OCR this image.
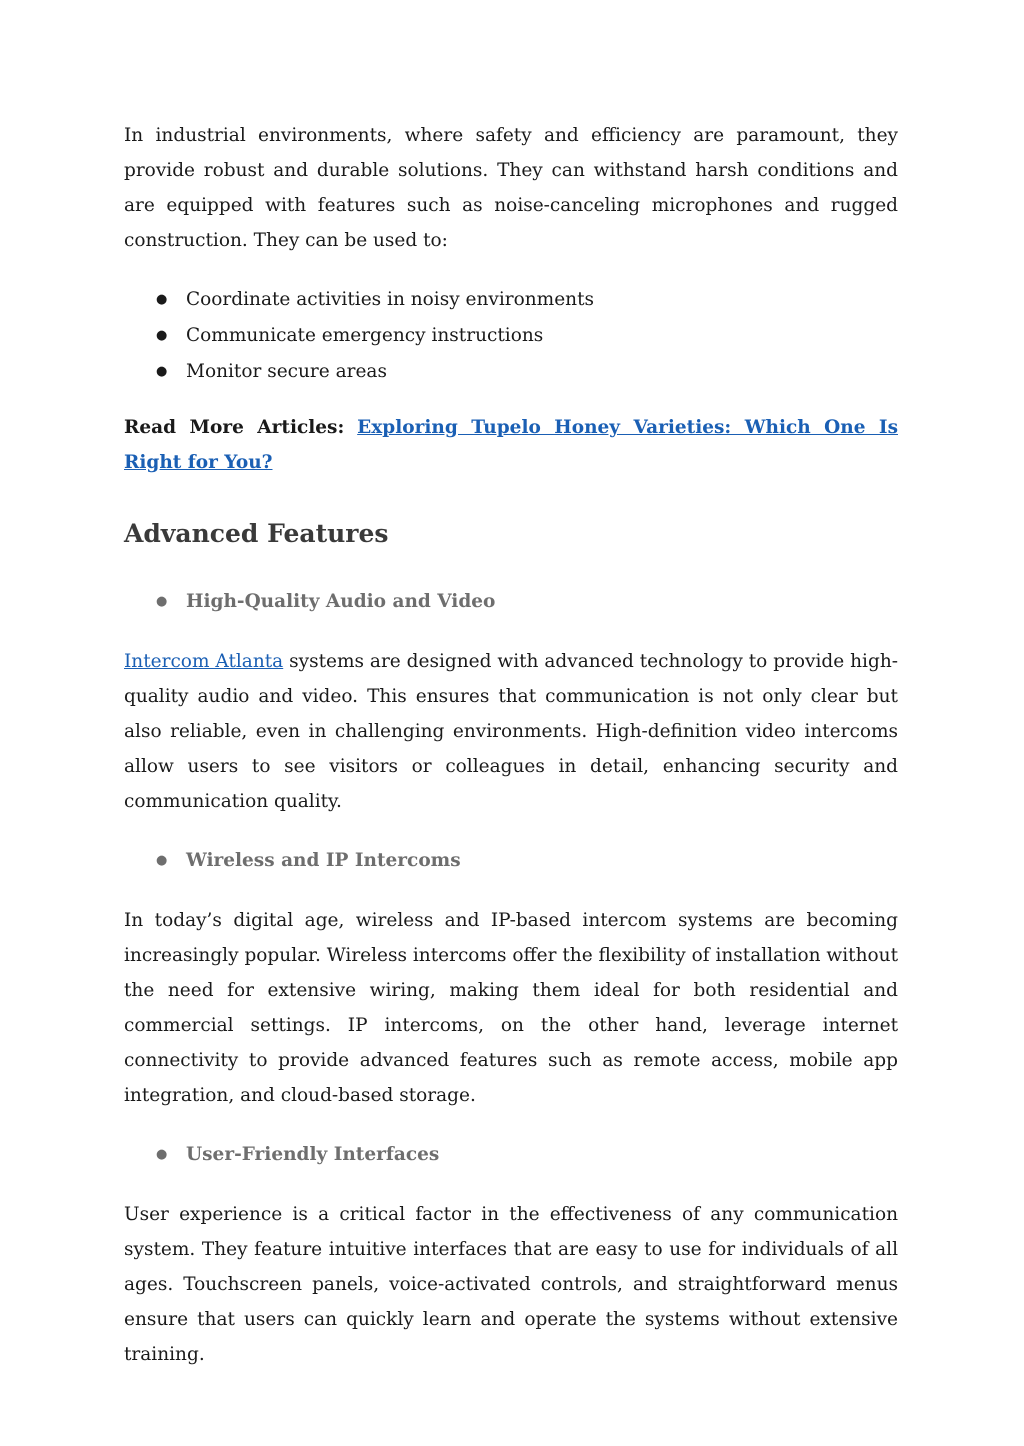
In industrial environments, where safety and efficiency are paramount, they provide robust and durable solutions. They can withstand harsh conditions and are equipped with features such as noise-canceling microphones and rugged construction. They can be used to:

● Coordinate activities in noisy environments
● Communicate emergency instructions
● Monitor secure areas

Read More Articles: Exploring Tupelo Honey Varieties: Which One Is Right for You?

Advanced Features
● High-Quality Audio and Video

Intercom Atlanta systems are designed with advanced technology to provide high-quality audio and video. This ensures that communication is not only clear but also reliable, even in challenging environments. High-definition video intercoms allow users to see visitors or colleagues in detail, enhancing security and communication quality.

● Wireless and IP Intercoms

In today’s digital age, wireless and IP-based intercom systems are becoming increasingly popular. Wireless intercoms offer the flexibility of installation without the need for extensive wiring, making them ideal for both residential and commercial settings. IP intercoms, on the other hand, leverage internet connectivity to provide advanced features such as remote access, mobile app integration, and cloud-based storage.

● User-Friendly Interfaces

User experience is a critical factor in the effectiveness of any communication system. They feature intuitive interfaces that are easy to use for individuals of all ages. Touchscreen panels, voice-activated controls, and straightforward menus ensure that users can quickly learn and operate the systems without extensive training.
